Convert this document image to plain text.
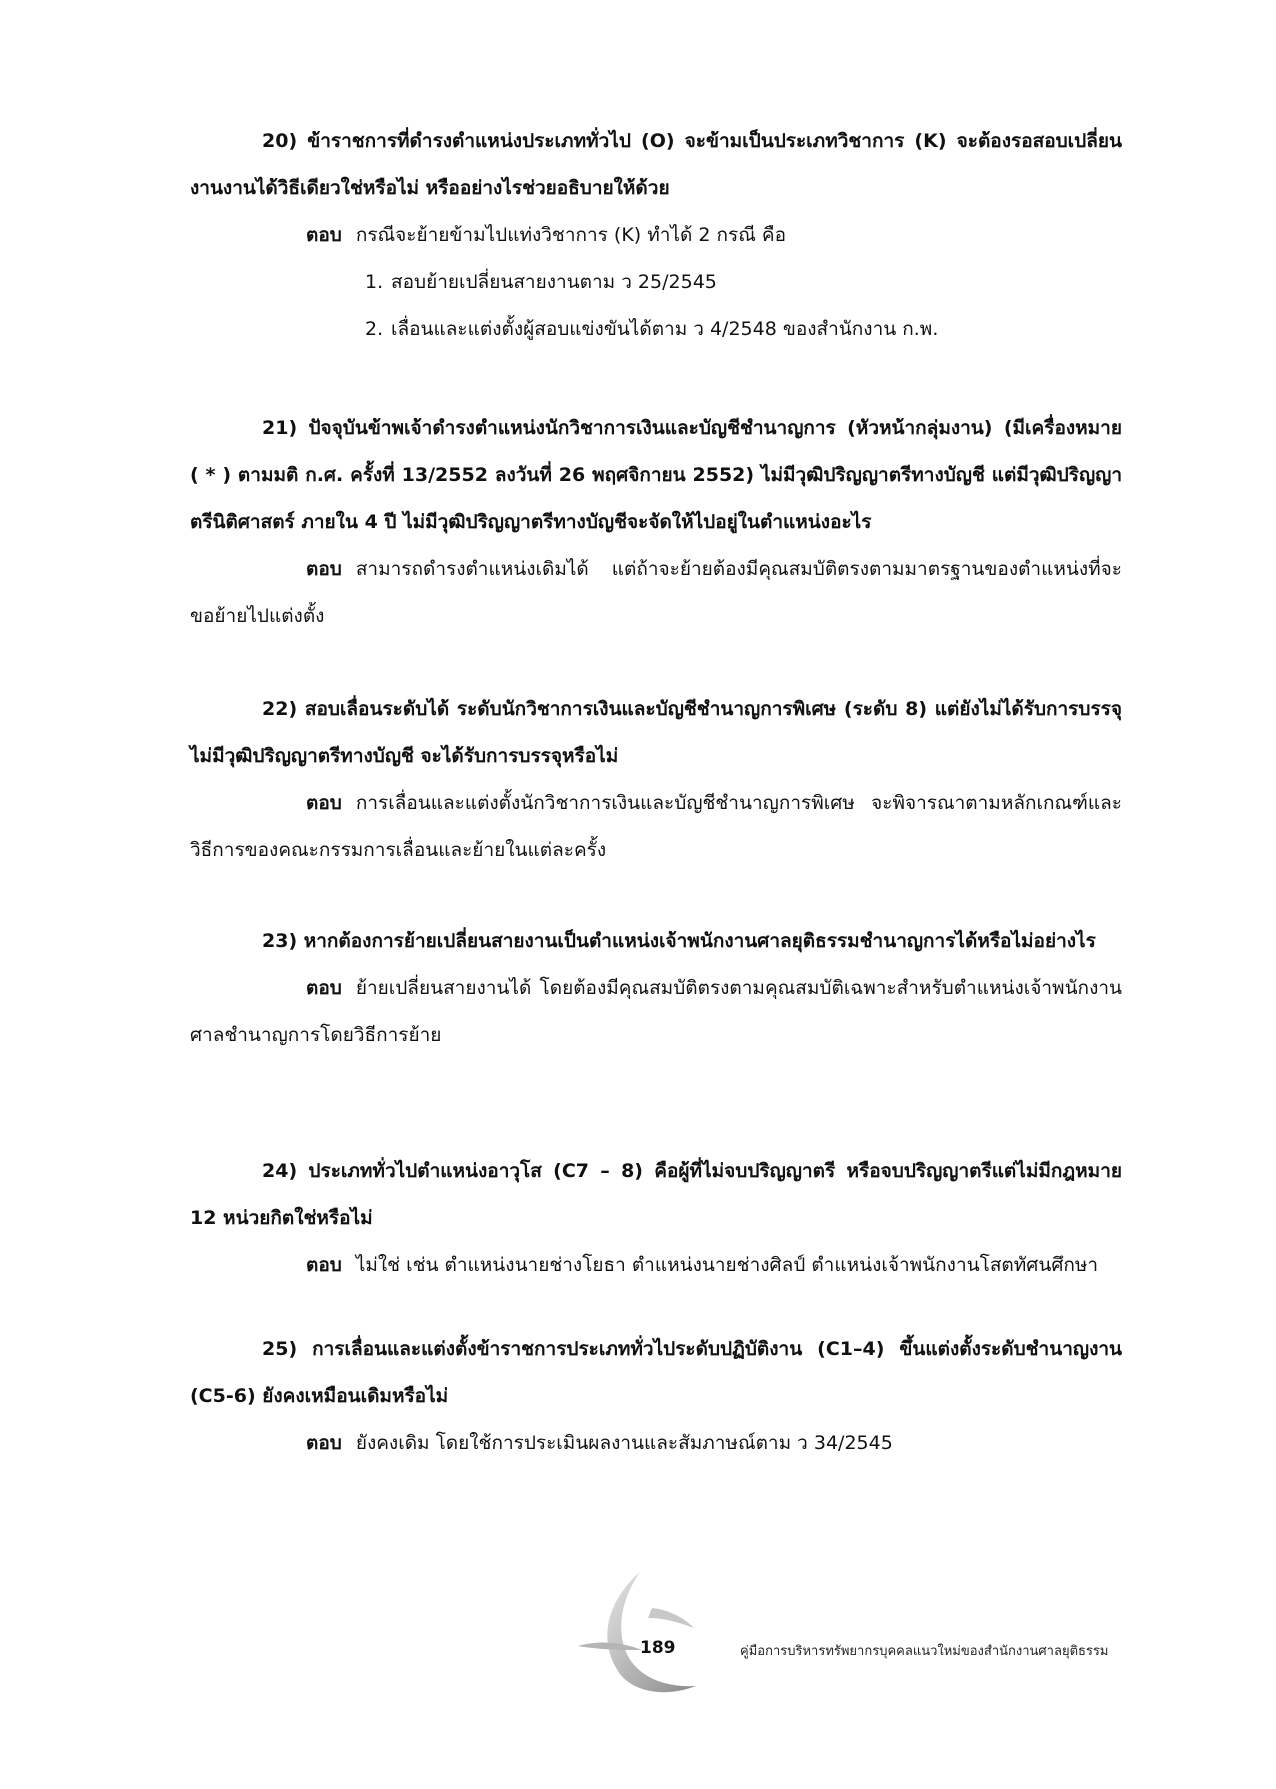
20) ข้าราชการที่ดำรงตำแหน่งประเภททั่วไป (O) จะข้ามเป็นประเภทวิชาการ (K) จะต้องรอสอบเปลี่ยนงานงานได้วิธีเดียวใช่หรือไม่ หรืออย่างไรช่วยอธิบายให้ด้วย

ตอบ กรณีจะย้ายข้ามไปแท่งวิชาการ (K) ทำได้ 2 กรณี คือ

1. สอบย้ายเปลี่ยนสายงานตาม ว 25/2545
2. เลื่อนและแต่งตั้งผู้สอบแข่งขันได้ตาม ว 4/2548 ของสำนักงาน ก.พ.

21) ปัจจุบันข้าพเจ้าดำรงตำแหน่งนักวิชาการเงินและบัญชีชำนาญการ (หัวหน้ากลุ่มงาน) (มีเครื่องหมาย ( * ) ตามมติ ก.ศ. ครั้งที่ 13/2552 ลงวันที่ 26 พฤศจิกายน 2552) ไม่มีวุฒิปริญญาตรีทางบัญชี แต่มีวุฒิปริญญาตรีนิติศาสตร์ ภายใน 4 ปี ไม่มีวุฒิปริญญาตรีทางบัญชีจะจัดให้ไปอยู่ในตำแหน่งอะไร

ตอบ สามารถดำรงตำแหน่งเดิมได้ แต่ถ้าจะย้ายต้องมีคุณสมบัติตรงตามมาตรฐานของตำแหน่งที่จะขอย้ายไปแต่งตั้ง

22) สอบเลื่อนระดับได้ ระดับนักวิชาการเงินและบัญชีชำนาญการพิเศษ (ระดับ 8) แต่ยังไม่ได้รับการบรรจุไม่มีวุฒิปริญญาตรีทางบัญชี จะได้รับการบรรจุหรือไม่

ตอบ การเลื่อนและแต่งตั้งนักวิชาการเงินและบัญชีชำนาญการพิเศษ จะพิจารณาตามหลักเกณฑ์และวิธีการของคณะกรรมการเลื่อนและย้ายในแต่ละครั้ง

23) หากต้องการย้ายเปลี่ยนสายงานเป็นตำแหน่งเจ้าพนักงานศาลยุติธรรมชำนาญการได้หรือไม่อย่างไร

ตอบ ย้ายเปลี่ยนสายงานได้ โดยต้องมีคุณสมบัติตรงตามคุณสมบัติเฉพาะสำหรับตำแหน่งเจ้าพนักงานศาลชำนาญการโดยวิธีการย้าย

24) ประเภททั่วไปตำแหน่งอาวุโส (C7 – 8) คือผู้ที่ไม่จบปริญญาตรี หรือจบปริญญาตรีแต่ไม่มีกฎหมาย 12 หน่วยกิตใช่หรือไม่

ตอบ ไม่ใช่ เช่น ตำแหน่งนายช่างโยธา ตำแหน่งนายช่างศิลป์ ตำแหน่งเจ้าพนักงานโสตทัศนศึกษา

25) การเลื่อนและแต่งตั้งข้าราชการประเภททั่วไประดับปฏิบัติงาน (C1–4) ขึ้นแต่งตั้งระดับชำนาญงาน (C5-6) ยังคงเหมือนเดิมหรือไม่

ตอบ ยังคงเดิม โดยใช้การประเมินผลงานและสัมภาษณ์ตาม ว 34/2545

189	คู่มือการบริหารทรัพยากรบุคคลแนวใหม่ของสำนักงานศาลยุติธรรม
